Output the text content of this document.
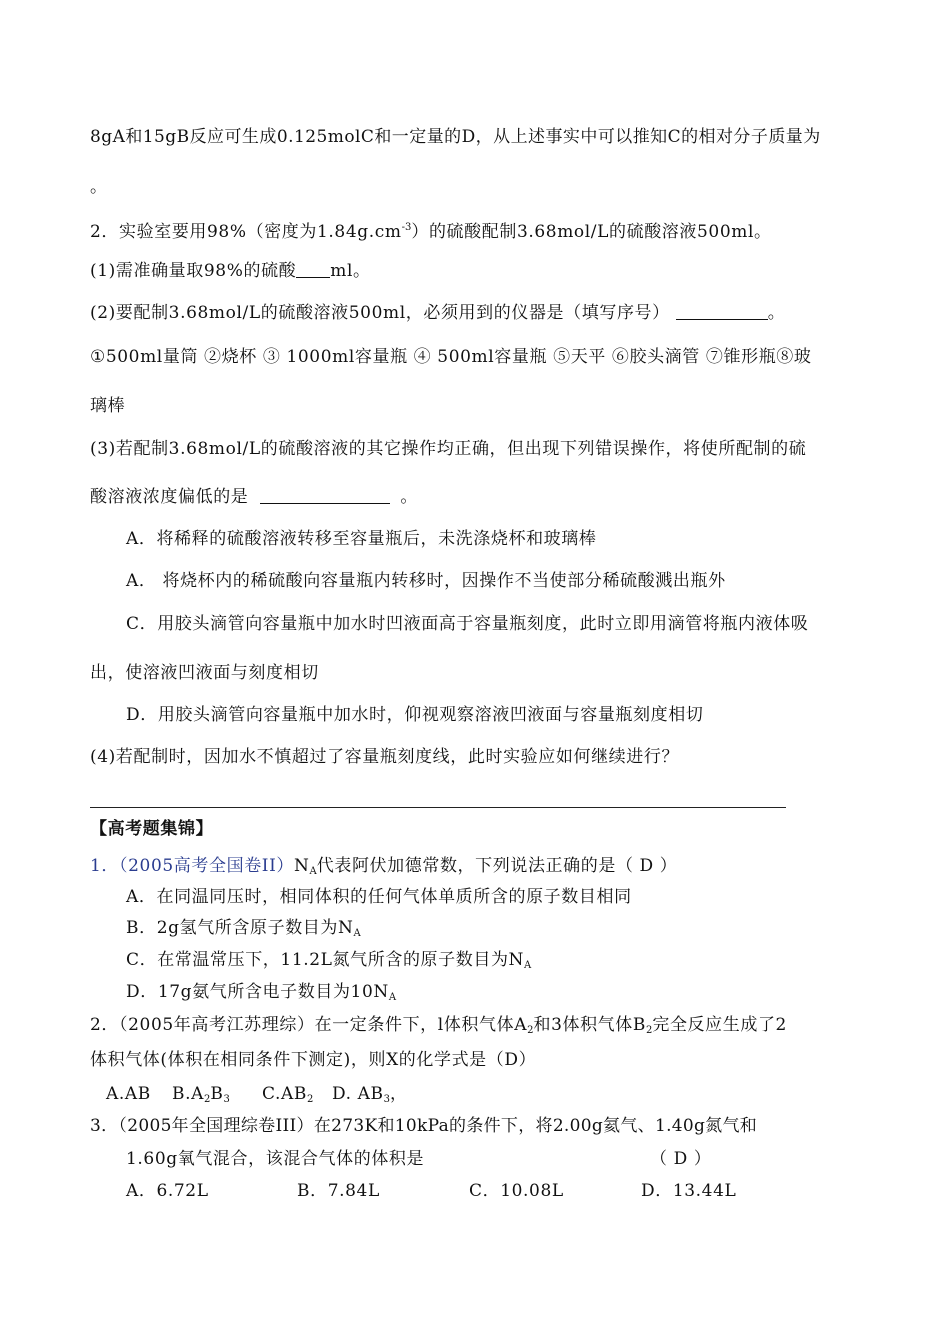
8gA和15gB反应可生成0.125molC和一定量的D，从上述事实中可以推知C的相对分子质量为
。
2．实验室要用98%（密度为$1.84g.cm^{-3}$）的硫酸配制3.68mol/L的硫酸溶液500ml。
(1)需准确量取98%的硫酸 ml。
(2)要配制3.68mol/L的硫酸溶液500ml，必须用到的仪器是（填写序号）	。
①500ml量筒 ②烧杯 ③ 1000ml容量瓶 ④ 500ml容量瓶 ⑤天平 ⑥胶头滴管 ⑦锥形瓶⑧玻
璃棒
(3)若配制3.68mol/L的硫酸溶液的其它操作均正确，但出现下列错误操作，将使所配制的硫
酸溶液浓度偏低的是	。
A．将稀释的硫酸溶液转移至容量瓶后，未洗涤烧杯和玻璃棒
A． 将烧杯内的稀硫酸向容量瓶内转移时，因操作不当使部分稀硫酸溅出瓶外
C．用胶头滴管向容量瓶中加水时凹液面高于容量瓶刻度，此时立即用滴管将瓶内液体吸
出，使溶液凹液面与刻度相切
D．用胶头滴管向容量瓶中加水时，仰视观察溶液凹液面与容量瓶刻度相切
(4)若配制时，因加水不慎超过了容量瓶刻度线，此时实验应如何继续进行？
【高考题集锦】
1．（2005高考全国卷$II)N_A$代表阿伏加德常数，下列说法正确的是（ D ）
A．在同温同压时，相同体积的任何气体单质所含的原子数目相同
B．2g氢气所含原子数目为$N_A$
C．在常温常压下，11.2L氮气所含的原子数目为$N_A$
D．17g氨气所含电子数目为$10N_A$
2．（2005年高考江苏理综）在一定条件下，l体积气体$A_2$和3体积气体$B_2$完全反应生成了2
体积气体(体积在相同条件下测定)，则X的化学式是（D）
A.AB $B.A_2B_3$ $C.AB_2$ D. $AB_3$，
3．（2005年全国理综卷III）在273K和10kPa的条件下，将2.00g氦气、1.40g氮气和
1.60g氧气混合，该混合气体的体积是	（ D ）
A．6.72L	B．7.84L	C．10.08L	D．13.44L
